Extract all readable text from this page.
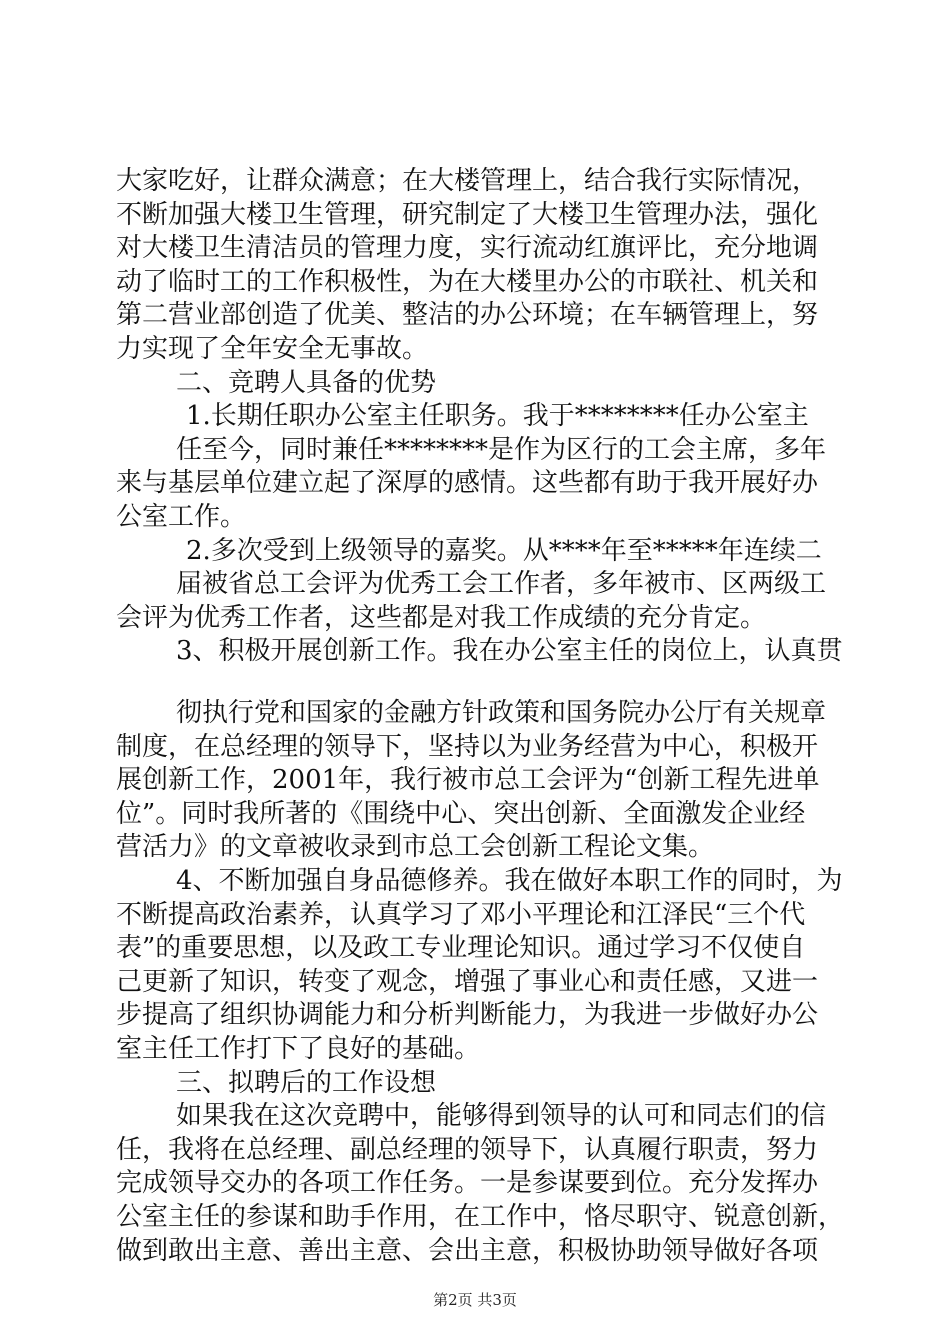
大家吃好，让群众满意；在大楼管理上，结合我行实际情况，
不断加强大楼卫生管理，研究制定了大楼卫生管理办法，强化
对大楼卫生清洁员的管理力度，实行流动红旗评比，充分地调
动了临时工的工作积极性，为在大楼里办公的市联社、机关和
第二营业部创造了优美、整洁的办公环境；在车辆管理上，努
力实现了全年安全无事故。
二、竞聘人具备的优势
1.长期任职办公室主任职务。我于********任办公室主
任至今，同时兼任********是作为区行的工会主席，多年
来与基层单位建立起了深厚的感情。这些都有助于我开展好办
公室工作。
2.多次受到上级领导的嘉奖。从****年至*****年连续二
届被省总工会评为优秀工会工作者，多年被市、区两级工
会评为优秀工作者，这些都是对我工作成绩的充分肯定。
3、积极开展创新工作。我在办公室主任的岗位上，认真贯
彻执行党和国家的金融方针政策和国务院办公厅有关规章
制度，在总经理的领导下，坚持以为业务经营为中心，积极开
展创新工作，2001年，我行被市总工会评为“创新工程先进单
位”。同时我所著的《围绕中心、突出创新、全面激发企业经
营活力》的文章被收录到市总工会创新工程论文集。
4、不断加强自身品德修养。我在做好本职工作的同时，为
不断提高政治素养，认真学习了邓小平理论和江泽民“三个代
表”的重要思想，以及政工专业理论知识。通过学习不仅使自
己更新了知识，转变了观念，增强了事业心和责任感，又进一
步提高了组织协调能力和分析判断能力，为我进一步做好办公
室主任工作打下了良好的基础。
三、拟聘后的工作设想
如果我在这次竞聘中，能够得到领导的认可和同志们的信
任，我将在总经理、副总经理的领导下，认真履行职责，努力
完成领导交办的各项工作任务。一是参谋要到位。充分发挥办
公室主任的参谋和助手作用，在工作中，恪尽职守、锐意创新，
做到敢出主意、善出主意、会出主意，积极协助领导做好各项
第2页 共3页
